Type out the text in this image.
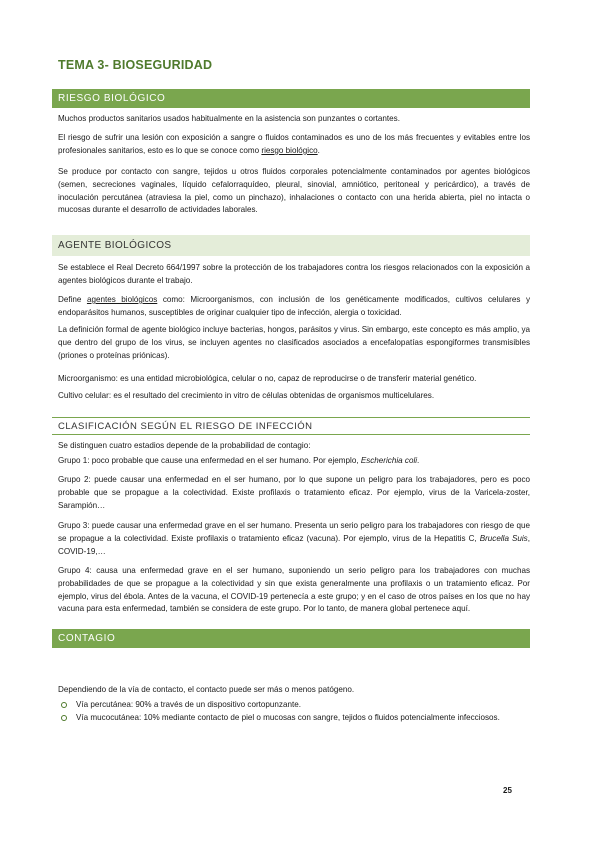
TEMA 3- BIOSEGURIDAD
RIESGO BIOLÓGICO
Muchos productos sanitarios usados habitualmente en la asistencia son punzantes o cortantes.
El riesgo de sufrir una lesión con exposición a sangre o fluidos contaminados es uno de los más frecuentes y evitables entre los profesionales sanitarios, esto es lo que se conoce como riesgo biológico.
Se produce por contacto con sangre, tejidos u otros fluidos corporales potencialmente contaminados por agentes biológicos (semen, secreciones vaginales, líquido cefalorraquídeo, pleural, sinovial, amniótico, peritoneal y pericárdico), a través de inoculación percutánea (atraviesa la piel, como un pinchazo), inhalaciones o contacto con una herida abierta, piel no intacta o mucosas durante el desarrollo de actividades laborales.
AGENTE BIOLÓGICOS
Se establece el Real Decreto 664/1997 sobre la protección de los trabajadores contra los riesgos relacionados con la exposición a agentes biológicos durante el trabajo.
Define agentes biológicos como: Microorganismos, con inclusión de los genéticamente modificados, cultivos celulares y endoparásitos humanos, susceptibles de originar cualquier tipo de infección, alergia o toxicidad.
La definición formal de agente biológico incluye bacterias, hongos, parásitos y virus. Sin embargo, este concepto es más amplio, ya que dentro del grupo de los virus, se incluyen agentes no clasificados asociados a encefalopatías espongiformes transmisibles (priones o proteínas priónicas).
Microorganismo: es una entidad microbiológica, celular o no, capaz de reproducirse o de transferir material genético.
Cultivo celular: es el resultado del crecimiento in vitro de células obtenidas de organismos multicelulares.
CLASIFICACIÓN SEGÚN EL RIESGO DE INFECCIÓN
Se distinguen cuatro estadios depende de la probabilidad de contagio:
Grupo 1: poco probable que cause una enfermedad en el ser humano. Por ejemplo, Escherichia coli.
Grupo 2: puede causar una enfermedad en el ser humano, por lo que supone un peligro para los trabajadores, pero es poco probable que se propague a la colectividad. Existe profilaxis o tratamiento eficaz. Por ejemplo, virus de la Varicela-zoster, Sarampión…
Grupo 3: puede causar una enfermedad grave en el ser humano. Presenta un serio peligro para los trabajadores con riesgo de que se propague a la colectividad. Existe profilaxis o tratamiento eficaz (vacuna). Por ejemplo, virus de la Hepatitis C, Brucella Suis, COVID-19,…
Grupo 4: causa una enfermedad grave en el ser humano, suponiendo un serio peligro para los trabajadores con muchas probabilidades de que se propague a la colectividad y sin que exista generalmente una profilaxis o un tratamiento eficaz. Por ejemplo, virus del ébola. Antes de la vacuna, el COVID-19 pertenecía a este grupo; y en el caso de otros países en los que no hay vacuna para esta enfermedad, también se considera de este grupo. Por lo tanto, de manera global pertenece aquí.
CONTAGIO
Dependiendo de la vía de contacto, el contacto puede ser más o menos patógeno.
Vía percutánea: 90% a través de un dispositivo cortopunzante.
Vía mucocutánea: 10% mediante contacto de piel o mucosas con sangre, tejidos o fluidos potencialmente infecciosos.
25
